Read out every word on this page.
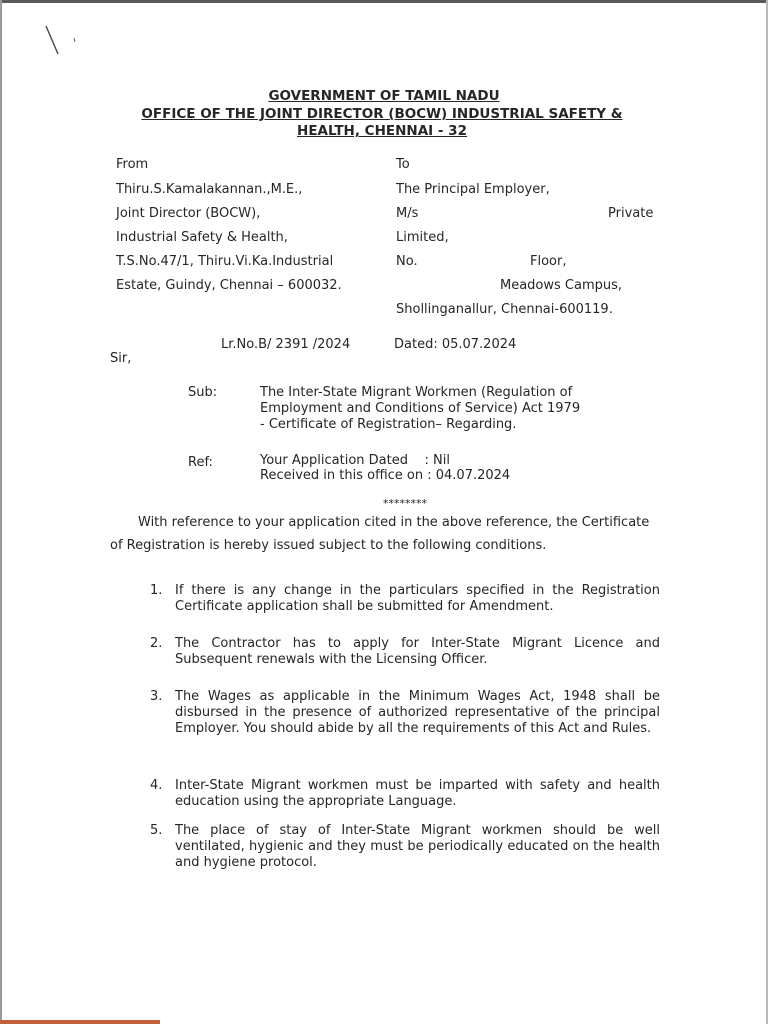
GOVERNMENT OF TAMIL NADU

OFFICE OF THE JOINT DIRECTOR (BOCW) INDUSTRIAL SAFETY &

HEALTH, CHENNAI - 32

From

Thiru.S.Kamalakannan.,M.E.,

Joint Director (BOCW),

Industrial Safety & Health,

T.S.No.47/1, Thiru.Vi.Ka.Industrial

Estate, Guindy, Chennai – 600032.

To

The Principal Employer,

M/s	Private

Limited,

No.	Floor,

Meadows Campus,

Shollinganallur, Chennai-600119.

Lr.No.B/ 2391 /2024	Dated: 05.07.2024

Sir,

Sub:	The Inter-State Migrant Workmen (Regulation of

Employment and Conditions of Service) Act 1979

- Certificate of Registration– Regarding.

Ref:	Your Application Dated    : Nil

Received in this office on : 04.07.2024

********

With reference to your application cited in the above reference, the Certificate

of Registration is hereby issued subject to the following conditions.

1. If there is any change in the particulars specified in the Registration Certificate application shall be submitted for Amendment.
2. The Contractor has to apply for Inter-State Migrant Licence and Subsequent renewals with the Licensing Officer.
3. The Wages as applicable in the Minimum Wages Act, 1948 shall be disbursed in the presence of authorized representative of the principal Employer. You should abide by all the requirements of this Act and Rules.
4. Inter-State Migrant workmen must be imparted with safety and health education using the appropriate Language.
5. The place of stay of Inter-State Migrant workmen should be well ventilated, hygienic and they must be periodically educated on the health and hygiene protocol.
